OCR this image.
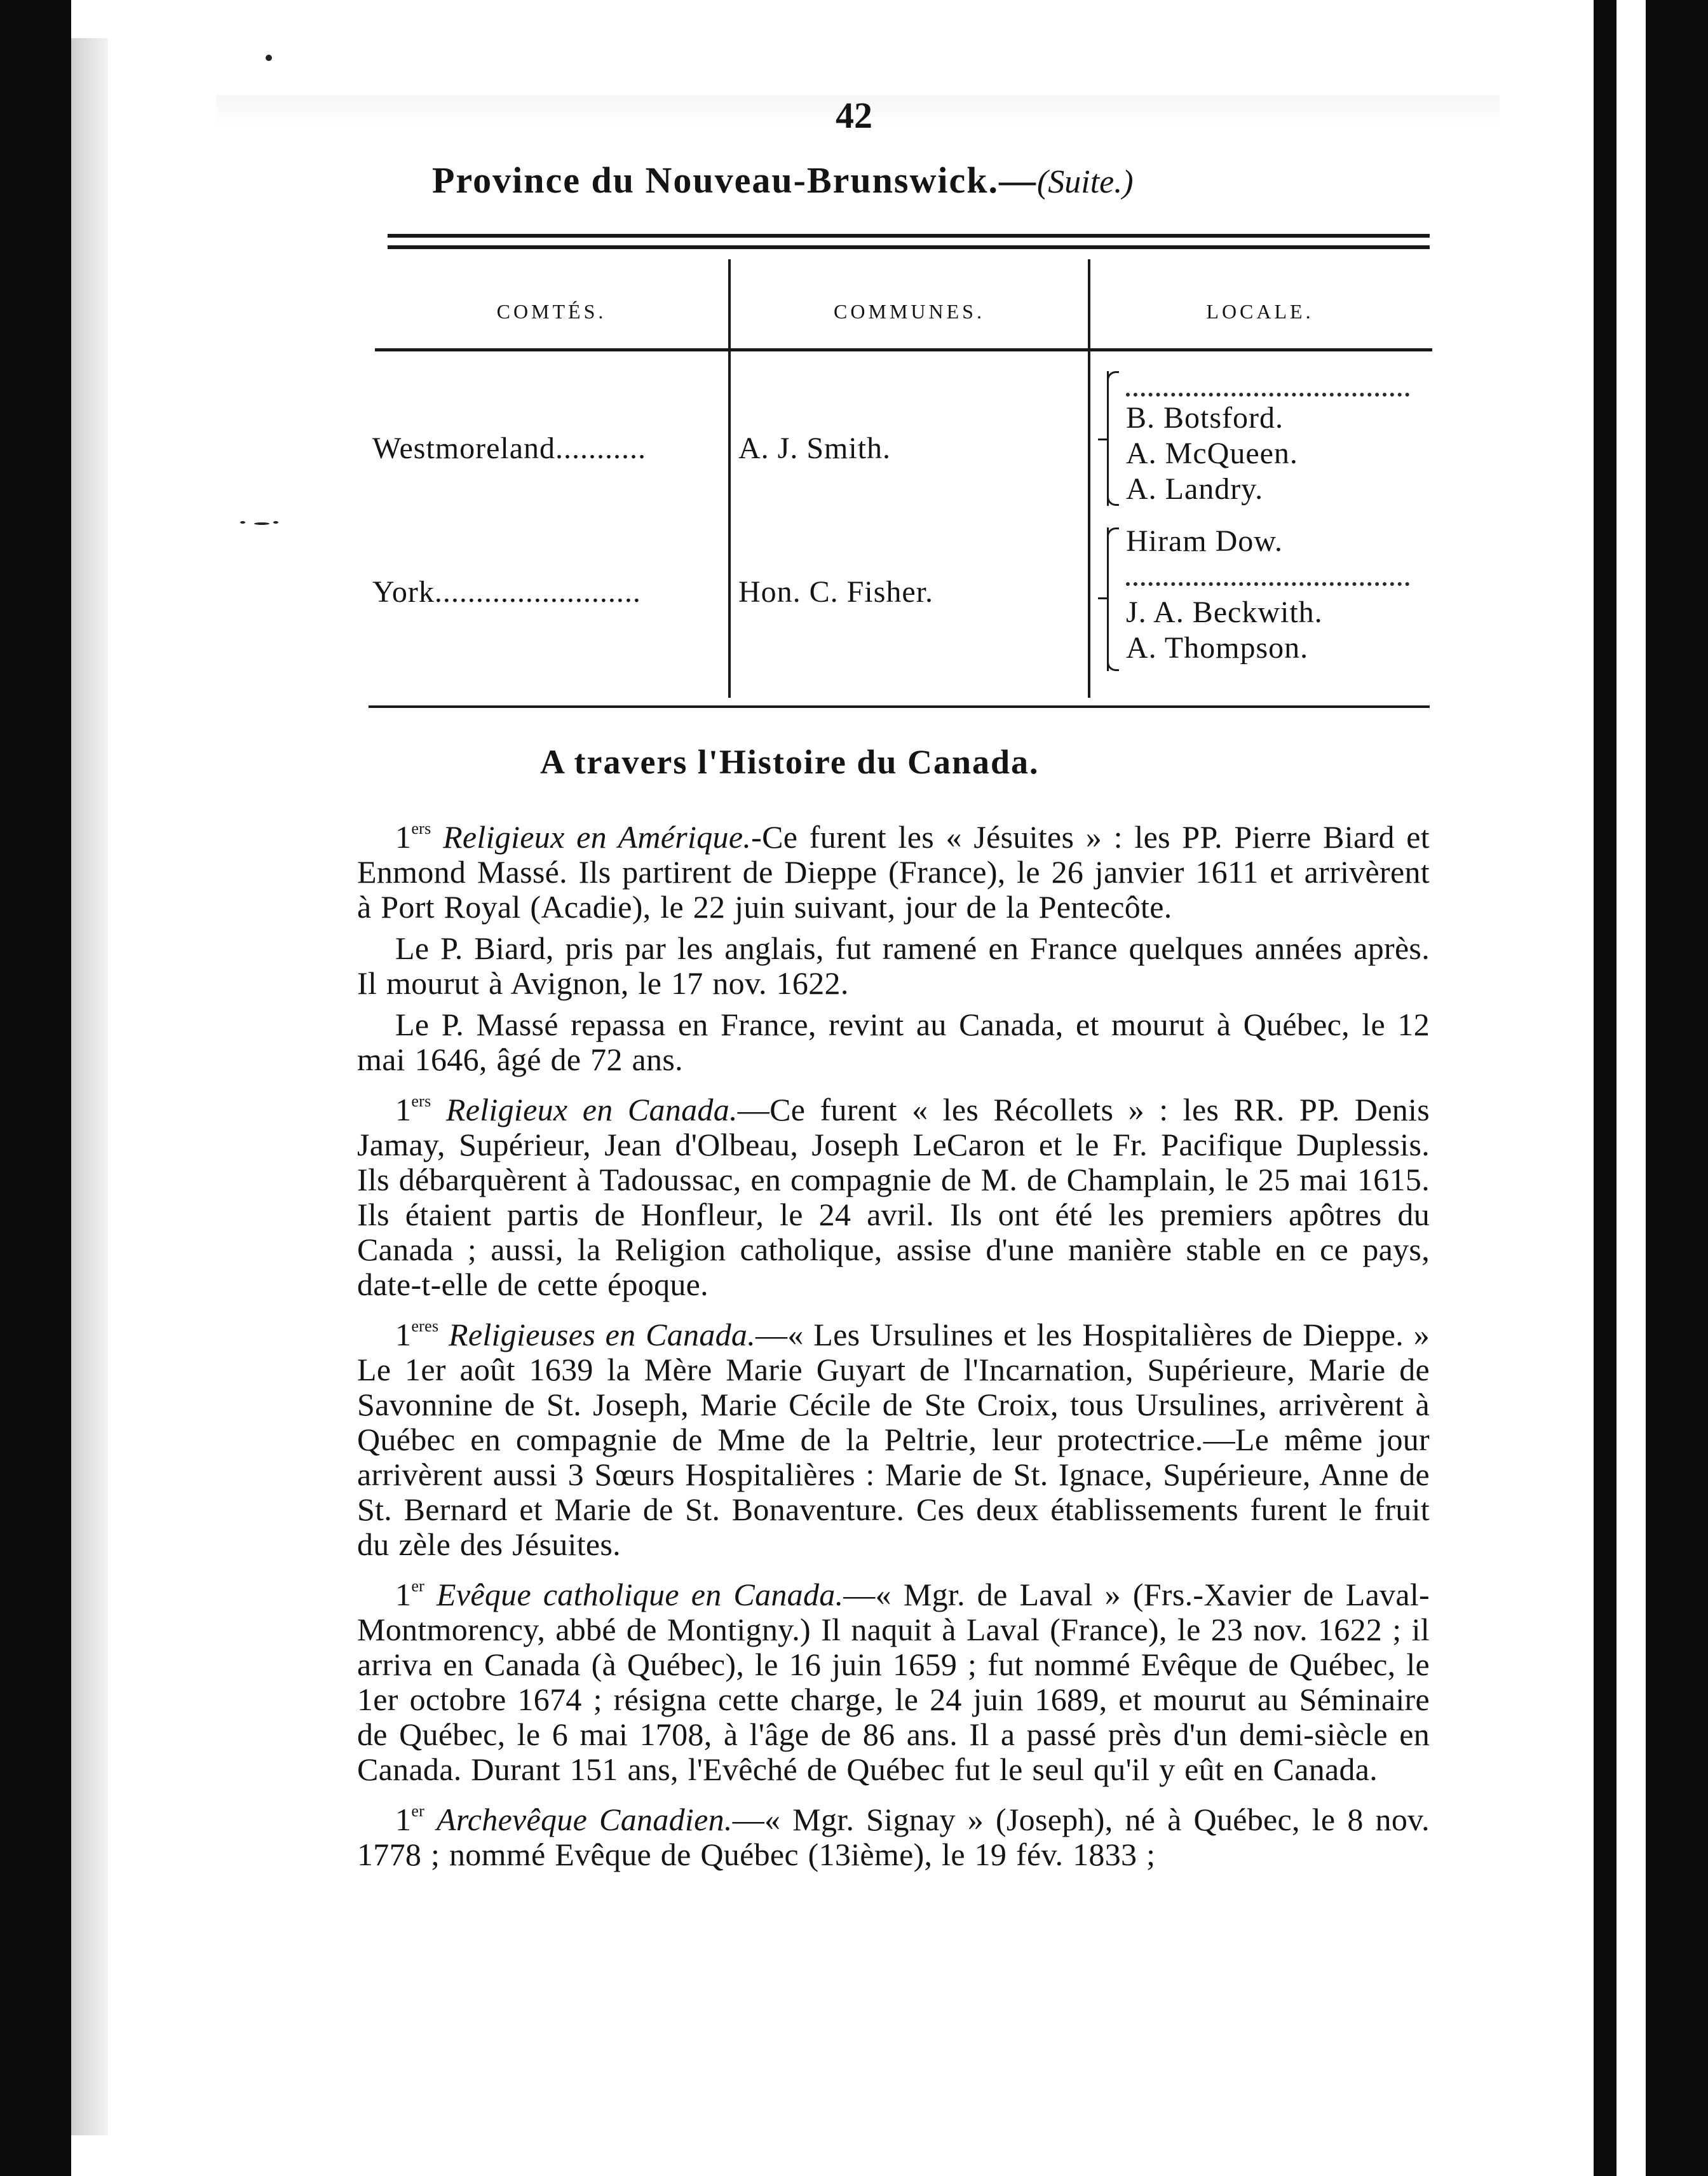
42
Province du Nouveau-Brunswick.—(Suite.)
COMTÉS.	COMMUNES.	LOCALE.
Westmoreland...........	A. J. Smith.
B. Botsford.
A. McQueen.
A. Landry.
York.........................	Hon. C. Fisher.
Hiram Dow.
J. A. Beckwith.
A. Thompson.
A travers l'Histoire du Canada.

1ers Religieux en Amérique.-Ce furent les « Jésuites » : les PP. Pierre Biard et Enmond Massé. Ils partirent de Dieppe (France), le 26 janvier 1611 et arrivèrent à Port Royal (Acadie), le 22 juin suivant, jour de la Pentecôte.

Le P. Biard, pris par les anglais, fut ramené en France quelques années après. Il mourut à Avignon, le 17 nov. 1622.

Le P. Massé repassa en France, revint au Canada, et mourut à Québec, le 12 mai 1646, âgé de 72 ans.

1ers Religieux en Canada.—Ce furent « les Récollets » : les RR. PP. Denis Jamay, Supérieur, Jean d'Olbeau, Joseph LeCaron et le Fr. Pacifique Duplessis. Ils débarquèrent à Tadoussac, en compagnie de M. de Champlain, le 25 mai 1615. Ils étaient partis de Honfleur, le 24 avril. Ils ont été les premiers apôtres du Canada ; aussi, la Religion catholique, assise d'une manière stable en ce pays, date-t-elle de cette époque.

$1^{eres}$ Religieuses en Canada.—« Les Ursulines et les Hospitalières de Dieppe. » Le 1er août 1639 la Mère Marie Guyart de l'Incarnation, Supérieure, Marie de Savonnine de St. Joseph, Marie Cécile de Ste Croix, tous Ursulines, arrivèrent à Québec en compagnie de Mme de la Peltrie, leur protectrice.—Le même jour arrivèrent aussi 3 Sœurs Hospitalières : Marie de St. Ignace, Supérieure, Anne de St. Bernard et Marie de St. Bonaventure. Ces deux établissements furent le fruit du zèle des Jésuites.

1er Evêque catholique en Canada.—« Mgr. de Laval » (Frs.-Xavier de Laval-Montmorency, abbé de Montigny.) Il naquit à Laval (France), le 23 nov. 1622 ; il arriva en Canada (à Québec), le 16 juin 1659 ; fut nommé Evêque de Québec, le 1er octobre 1674 ; résigna cette charge, le 24 juin 1689, et mourut au Séminaire de Québec, le 6 mai 1708, à l'âge de 86 ans. Il a passé près d'un demi-siècle en Canada. Durant 151 ans, l'Evêché de Québec fut le seul qu'il y eût en Canada.

1er Archevêque Canadien.—« Mgr. Signay » (Joseph), né à Québec, le 8 nov. 1778 ; nommé Evêque de Québec (13ième), le 19 fév. 1833 ;
